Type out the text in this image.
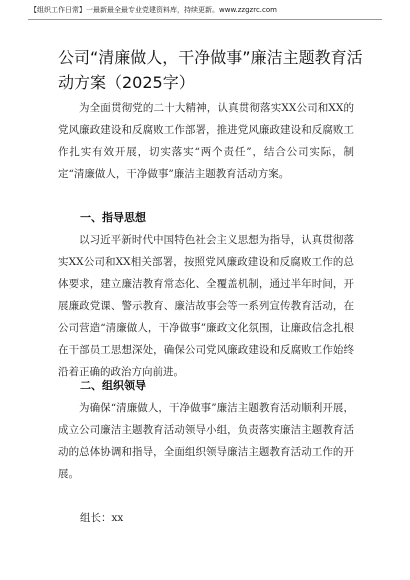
【组织工作日常】一最新最全最专业党建资料库，持续更新。www.zzgzrc.com
公司“清廉做人，干净做事”廉洁主题教育活动方案（2025字）

为全面贯彻党的二十大精神，认真贯彻落实XX公司和XX的党风廉政建设和反腐败工作部署，推进党风廉政建设和反腐败工作扎实有效开展，切实落实“两个责任”，结合公司实际，制定“清廉做人，干净做事”廉洁主题教育活动方案。

一、指导思想

以习近平新时代中国特色社会主义思想为指导，认真贯彻落实XX公司和XX相关部署，按照党风廉政建设和反腐败工作的总体要求，建立廉洁教育常态化、全覆盖机制，通过半年时间，开展廉政党课、警示教育、廉洁故事会等一系列宣传教育活动，在公司营造“清廉做人，干净做事”廉政文化氛围，让廉政信念扎根在干部员工思想深处，确保公司党风廉政建设和反腐败工作始终沿着正确的政治方向前进。

二、组织领导

为确保“清廉做人，干净做事”廉洁主题教育活动顺利开展，成立公司廉洁主题教育活动领导小组，负责落实廉洁主题教育活动的总体协调和指导，全面组织领导廉洁主题教育活动工作的开展。

组长：xx
